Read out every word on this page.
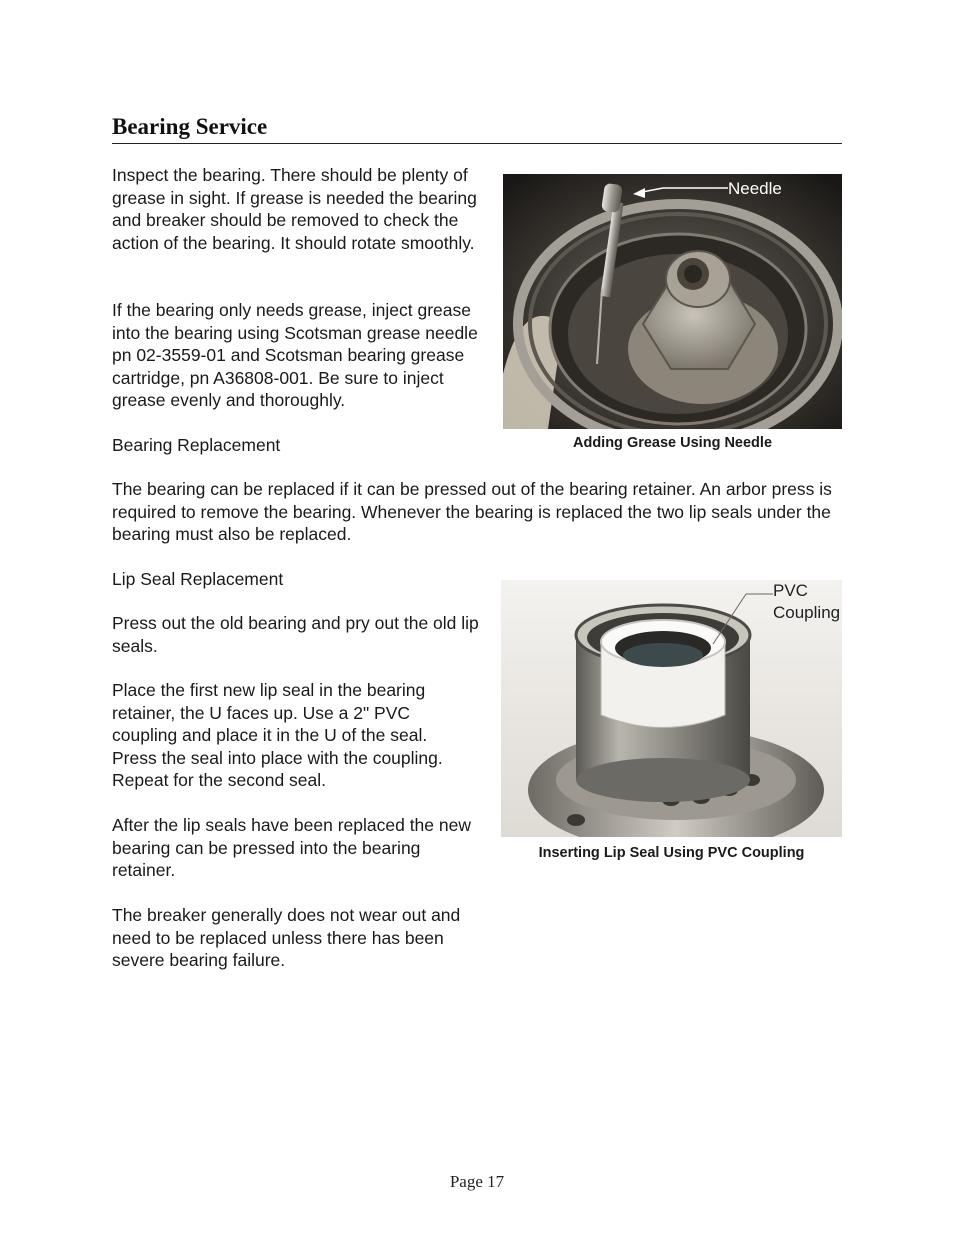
Bearing Service
Inspect the bearing. There should be plenty of grease in sight. If grease is needed the bearing and breaker should be removed to check the action of the bearing. It should rotate smoothly.
If the bearing only needs grease, inject grease into the bearing using Scotsman grease needle pn 02-3559-01 and Scotsman bearing grease cartridge, pn A36808-001. Be sure to inject grease evenly and thoroughly.
Bearing Replacement
The bearing can be replaced if it can be pressed out of the bearing retainer. An arbor press is required to remove the bearing. Whenever the bearing is replaced the two lip seals under the bearing must also be replaced.
Lip Seal Replacement
Press out the old bearing and pry out the old lip seals.
Place the first new lip seal in the bearing retainer, the U faces up. Use a 2" PVC coupling and place it in the U of the seal. Press the seal into place with the coupling. Repeat for the second seal.
After the lip seals have been replaced the new bearing can be pressed into the bearing retainer.
The breaker generally does not wear out and need to be replaced unless there has been severe bearing failure.
Needle
Adding Grease Using Needle
PVC
Coupling
Inserting Lip Seal Using PVC Coupling
Page 17
